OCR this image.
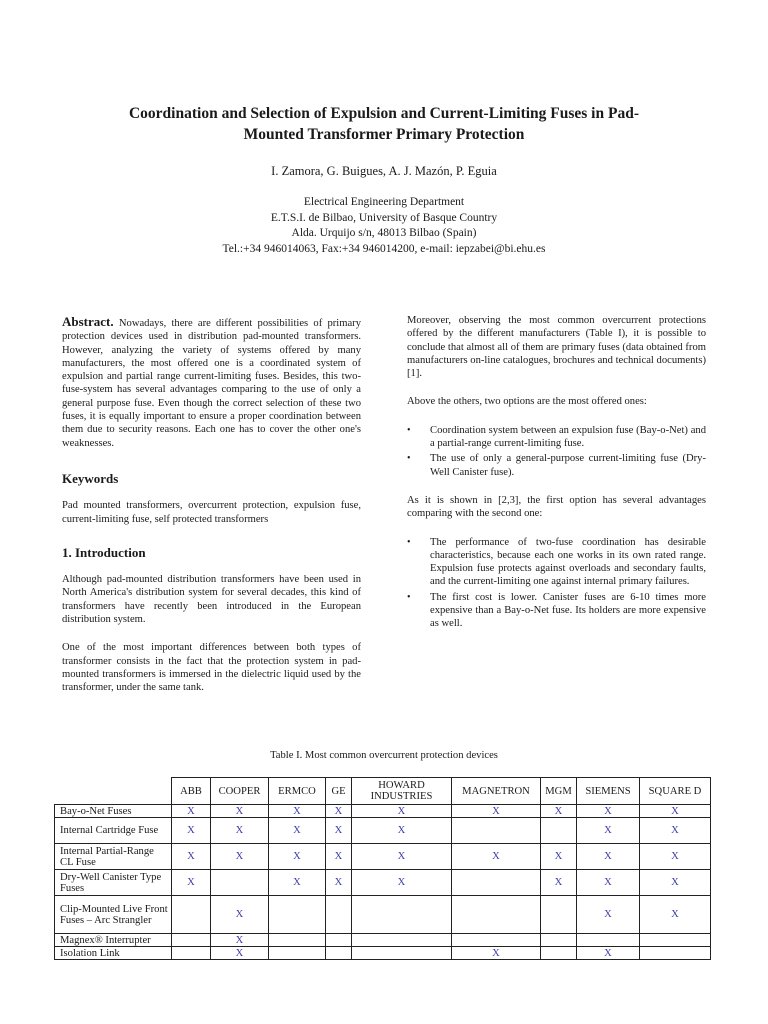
Coordination and Selection of Expulsion and Current-Limiting Fuses in Pad-
Mounted Transformer Primary Protection
I. Zamora, G. Buigues, A. J. Mazón, P. Eguia
Electrical Engineering Department
E.T.S.I. de Bilbao, University of Basque Country
Alda. Urquijo s/n, 48013 Bilbao (Spain)
Tel.:+34 946014063, Fax:+34 946014200, e-mail: iepzabei@bi.ehu.es

Abstract. Nowadays, there are different possibilities of primary protection devices used in distribution pad-mounted transformers. However, analyzing the variety of systems offered by many manufacturers, the most offered one is a coordinated system of expulsion and partial range current-limiting fuses. Besides, this two-fuse-system has several advantages comparing to the use of only a general purpose fuse. Even though the correct selection of these two fuses, it is equally important to ensure a proper coordination between them due to security reasons. Each one has to cover the other one's weaknesses.

Keywords

Pad mounted transformers, overcurrent protection, expulsion fuse, current-limiting fuse, self protected transformers

1. Introduction

Although pad-mounted distribution transformers have been used in North America's distribution system for several decades, this kind of transformers have recently been introduced in the European distribution system.

One of the most important differences between both types of transformer consists in the fact that the protection system in pad-mounted transformers is immersed in the dielectric liquid used by the transformer, under the same tank.

Moreover, observing the most common overcurrent protections offered by the different manufacturers (Table I), it is possible to conclude that almost all of them are primary fuses (data obtained from manufacturers on-line catalogues, brochures and technical documents) [1].

Above the others, two options are the most offered ones:

• Coordination system between an expulsion fuse (Bay-o-Net) and a partial-range current-limiting fuse.
• The use of only a general-purpose current-limiting fuse (Dry-Well Canister fuse).

As it is shown in [2,3], the first option has several advantages comparing with the second one:

• The performance of two-fuse coordination has desirable characteristics, because each one works in its own rated range. Expulsion fuse protects against overloads and secondary faults, and the current-limiting one against internal primary failures.
• The first cost is lower. Canister fuses are 6-10 times more expensive than a Bay-o-Net fuse. Its holders are more expensive as well.
Table I. Most common overcurrent protection devices
	ABB	COOPER	ERMCO	GE	HOWARD INDUSTRIES	MAGNETRON	MGM	SIEMENS	SQUARE D
Bay-o-Net Fuses	X	X	X	X	X	X	X	X	X
Internal Cartridge Fuse	X	X	X	X	X			X	X
Internal Partial-Range CL Fuse	X	X	X	X	X	X	X	X	X
Dry-Well Canister Type Fuses	X		X	X	X		X	X	X
Clip-Mounted Live Front Fuses – Arc Strangler		X						X	X
Magnex® Interrupter		X							
Isolation Link		X				X		X	
